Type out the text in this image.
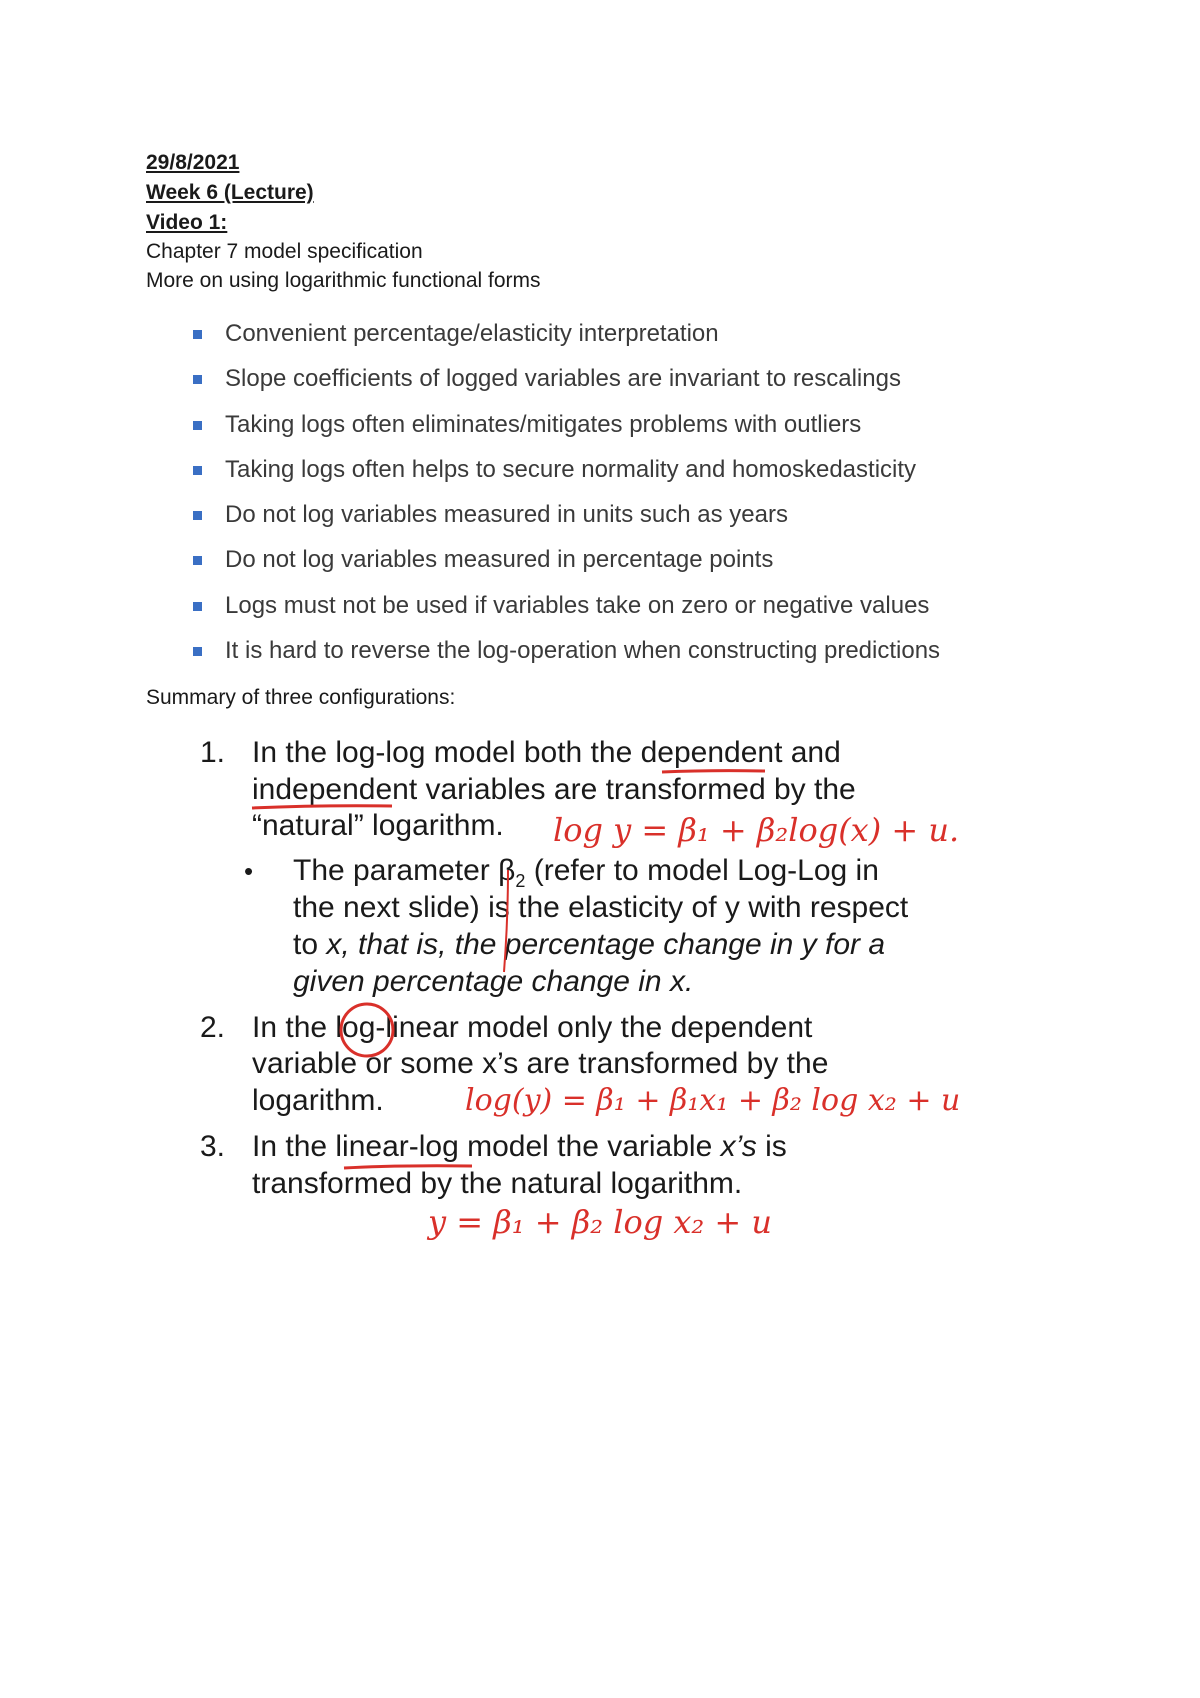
29/8/2021
Week 6 (Lecture)
Video 1:
Chapter 7 model specification
More on using logarithmic functional forms
Convenient percentage/elasticity interpretation
Slope coefficients of logged variables are invariant to rescalings
Taking logs often eliminates/mitigates problems with outliers
Taking logs often helps to secure normality and homoskedasticity
Do not log variables measured in units such as years
Do not log variables measured in percentage points
Logs must not be used if variables take on zero or negative values
It is hard to reverse the log-operation when constructing predictions
Summary of three configurations:
1. In the log-log model both the dependent and
independent variables are transformed by the
“natural” logarithm.
• The parameter $\beta_2$ (refer to model Log-Log in
the next slide) is the elasticity of y with respect
to x, that is, the percentage change in y for a
given percentage change in x.
2. In the log-linear model only the dependent
variable or some x’s are transformed by the
logarithm.
3. In the linear-log model the variable x’s is
transformed by the natural logarithm.
log y = β₁ + β₂log(x) + u.
log(y) = β₁ + β₁x₁ + β₂ log x₂ + u
y = β₁ + β₂ log x₂ + u
